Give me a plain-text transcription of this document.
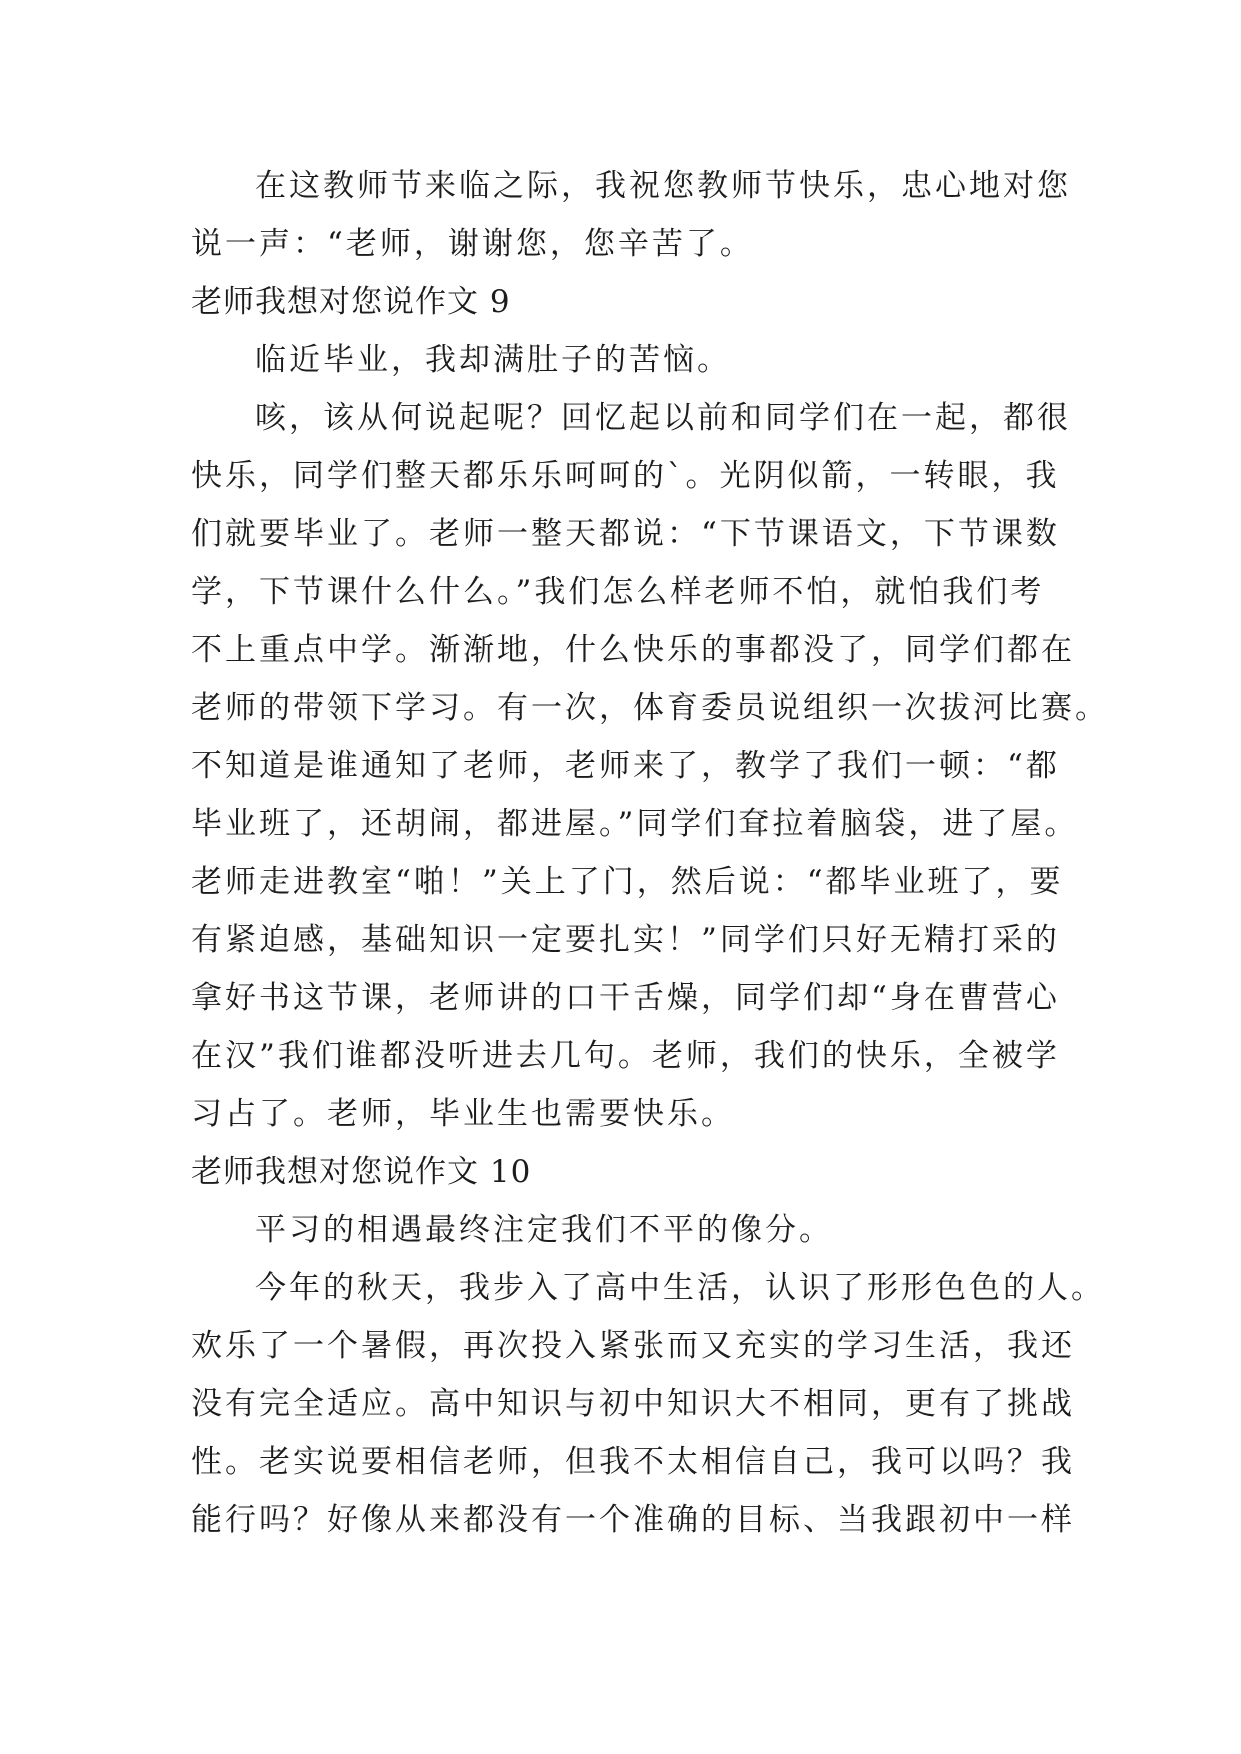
在这教师节来临之际，我祝您教师节快乐，忠心地对您
说一声：“老师，谢谢您，您辛苦了。
老师我想对您说作文 9
临近毕业，我却满肚子的苦恼。
咳，该从何说起呢？回忆起以前和同学们在一起，都很
快乐，同学们整天都乐乐呵呵的`。光阴似箭，一转眼，我
们就要毕业了。老师一整天都说：“下节课语文，下节课数
学，下节课什么什么。”我们怎么样老师不怕，就怕我们考
不上重点中学。渐渐地，什么快乐的事都没了，同学们都在
老师的带领下学习。有一次，体育委员说组织一次拔河比赛。
不知道是谁通知了老师，老师来了，教学了我们一顿：“都
毕业班了，还胡闹，都进屋。”同学们耷拉着脑袋，进了屋。
老师走进教室“啪！”关上了门，然后说：“都毕业班了，要
有紧迫感，基础知识一定要扎实！”同学们只好无精打采的
拿好书这节课，老师讲的口干舌燥，同学们却“身在曹营心
在汉”我们谁都没听进去几句。老师，我们的快乐，全被学
习占了。老师，毕业生也需要快乐。
老师我想对您说作文 10
平习的相遇最终注定我们不平的像分。
今年的秋天，我步入了高中生活，认识了形形色色的人。
欢乐了一个暑假，再次投入紧张而又充实的学习生活，我还
没有完全适应。高中知识与初中知识大不相同，更有了挑战
性。老实说要相信老师，但我不太相信自己，我可以吗？我
能行吗？好像从来都没有一个准确的目标、当我跟初中一样
